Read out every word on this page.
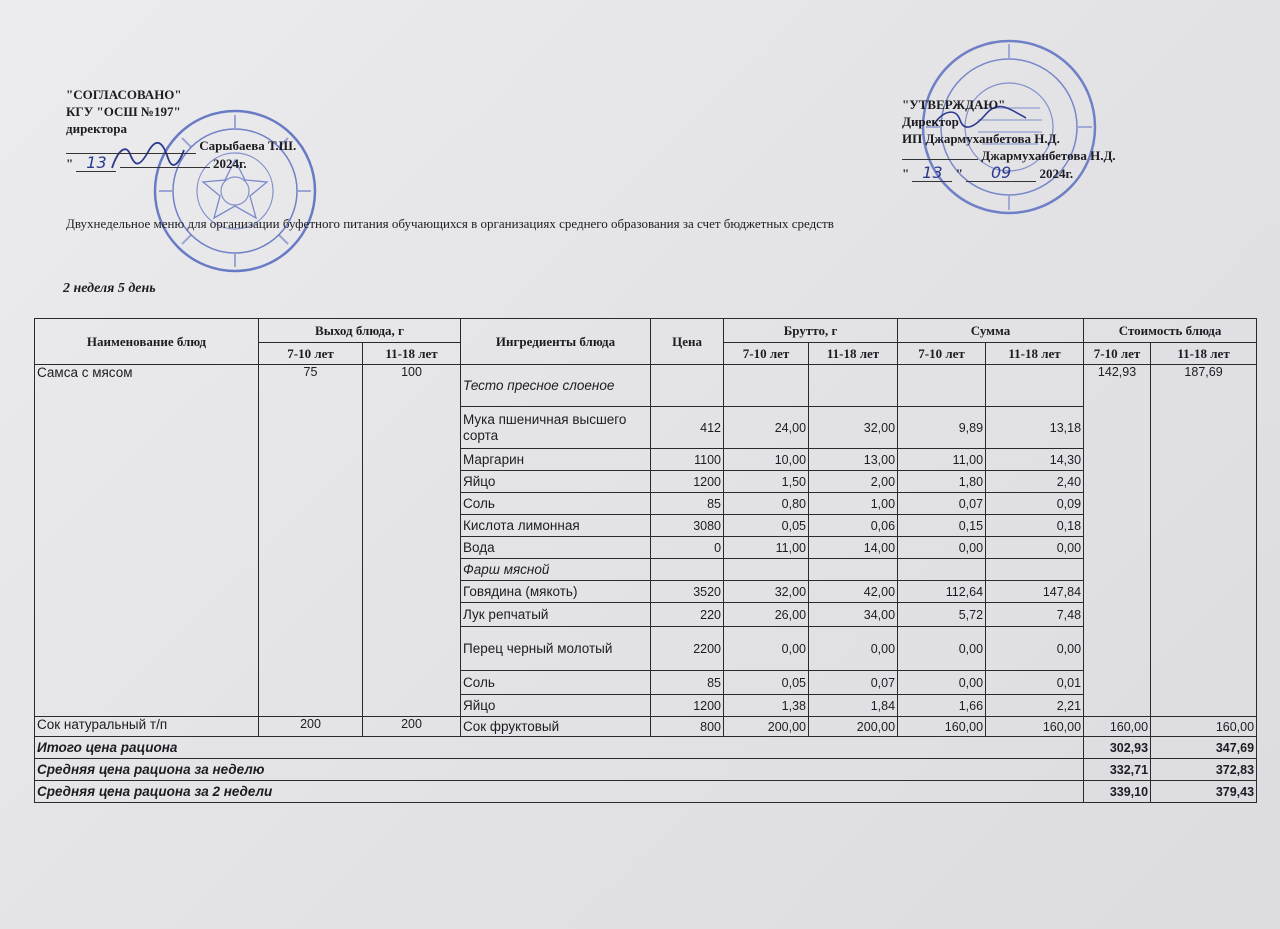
"СОГЛАСОВАНО"
КГУ "ОСШ №197"
директора
Сарыбаева Т.Ш.
" 13	2024г.
"УТВЕРЖДАЮ"
Директор
ИП Джармуханбетова Н.Д.
Джармуханбетова Н.Д.
" 13 " 09 2024г.
Двухнедельное меню для организации буфетного питания обучающихся в организациях среднего образования за счет бюджетных средств
2 неделя 5 день
Наименование блюд	Выход блюда, г		Ингредиенты блюда	Цена	Брутто, г		Сумма		Стоимость блюда	
	7-10 лет	11-18 лет			7-10 лет	11-18 лет	7-10 лет	11-18 лет	7-10 лет	11-18 лет
Самса с мясом	75	100	Тесто пресное слоеное						142,93	187,69
			Мука пшеничная высшего сорта	412	24,00	32,00	9,89	13,18		
			Маргарин	1100	10,00	13,00	11,00	14,30		
			Яйцо	1200	1,50	2,00	1,80	2,40		
			Соль	85	0,80	1,00	0,07	0,09		
			Кислота лимонная	3080	0,05	0,06	0,15	0,18		
			Вода	0	11,00	14,00	0,00	0,00		
			Фарш мясной							
			Говядина (мякоть)	3520	32,00	42,00	112,64	147,84		
			Лук репчатый	220	26,00	34,00	5,72	7,48		
			Перец черный молотый	2200	0,00	0,00	0,00	0,00		
			Соль	85	0,05	0,07	0,00	0,01		
			Яйцо	1200	1,38	1,84	1,66	2,21		
Сок натуральный т/п	200	200	Сок фруктовый	800	200,00	200,00	160,00	160,00	160,00	160,00
Итого цена рациона									302,93	347,69
Средняя цена рациона за неделю									332,71	372,83
Средняя цена рациона за 2 недели									339,10	379,43
